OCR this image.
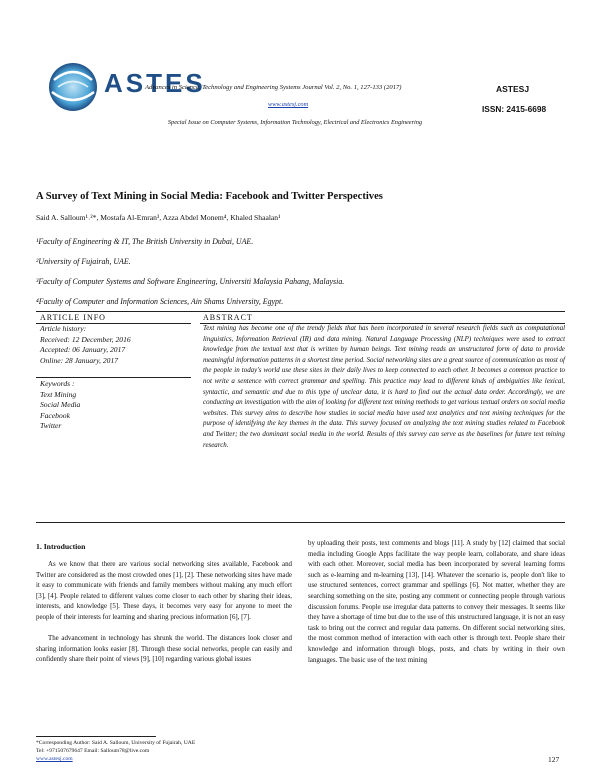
ASTES
Advances in Science, Technology and Engineering Systems Journal Vol. 2, No. 1, 127-133 (2017)
www.astesj.com
Special Issue on Computer Systems, Information Technology, Electrical and Electronics Engineering
ASTESJ
ISSN: 2415-6698
A Survey of Text Mining in Social Media: Facebook and Twitter Perspectives
Said A. Salloum¹˒²*, Mostafa Al-Emran³, Azza Abdel Monem⁴, Khaled Shaalan¹
¹Faculty of Engineering & IT, The British University in Dubai, UAE.
²University of Fujairah, UAE.
³Faculty of Computer Systems and Software Engineering, Universiti Malaysia Pahang, Malaysia.
⁴Faculty of Computer and Information Sciences, Ain Shams University, Egypt.
ARTICLE INFO	ABSTRACT
Article history:
Received: 12 December, 2016
Accepted: 06 January, 2017
Online: 28 January, 2017
Keywords :
Text Mining
Social Media
Facebook
Twitter
Text mining has become one of the trendy fields that has been incorporated in several research fields such as computational linguistics, Information Retrieval (IR) and data mining. Natural Language Processing (NLP) techniques were used to extract knowledge from the textual text that is written by human beings. Text mining reads an unstructured form of data to provide meaningful information patterns in a shortest time period. Social networking sites are a great source of communication as most of the people in today's world use these sites in their daily lives to keep connected to each other. It becomes a common practice to not write a sentence with correct grammar and spelling. This practice may lead to different kinds of ambiguities like lexical, syntactic, and semantic and due to this type of unclear data, it is hard to find out the actual data order. Accordingly, we are conducting an investigation with the aim of looking for different text mining methods to get various textual orders on social media websites. This survey aims to describe how studies in social media have used text analytics and text mining techniques for the purpose of identifying the key themes in the data. This survey focused on analyzing the text mining studies related to Facebook and Twitter; the two dominant social media in the world. Results of this survey can serve as the baselines for future text mining research.
1. Introduction

As we know that there are various social networking sites available, Facebook and Twitter are considered as the most crowded ones [1], [2]. These networking sites have made it easy to communicate with friends and family members without making any much effort [3], [4]. People related to different values come closer to each other by sharing their ideas, interests, and knowledge [5]. These days, it becomes very easy for anyone to meet the people of their interests for learning and sharing precious information [6], [7].

The advancement in technology has shrunk the world. The distances look closer and sharing information looks easier [8]. Through these social networks, people can easily and confidently share their point of views [9], [10] regarding various global issues

by uploading their posts, text comments and blogs [11]. A study by [12] claimed that social media including Google Apps facilitate the way people learn, collaborate, and share ideas with each other. Moreover, social media has been incorporated by several learning forms such as e-learning and m-learning [13], [14]. Whatever the scenario is, people don't like to use structured sentences, correct grammar and spellings [6]. Not matter, whether they are searching something on the site, posting any comment or connecting people through various discussion forums. People use irregular data patterns to convey their messages. It seems like they have a shortage of time but due to the use of this unstructured language, it is not an easy task to bring out the correct and regular data patterns. On different social networking sites, the most common method of interaction with each other is through text. People share their knowledge and information through blogs, posts, and chats by writing in their own languages. The basic use of the text mining
*Corresponding Author: Said A. Salloum, University of Fujairah, UAE
Tel: +971507679647 Email: Salloum78@live.com
www.astesj.com	127
